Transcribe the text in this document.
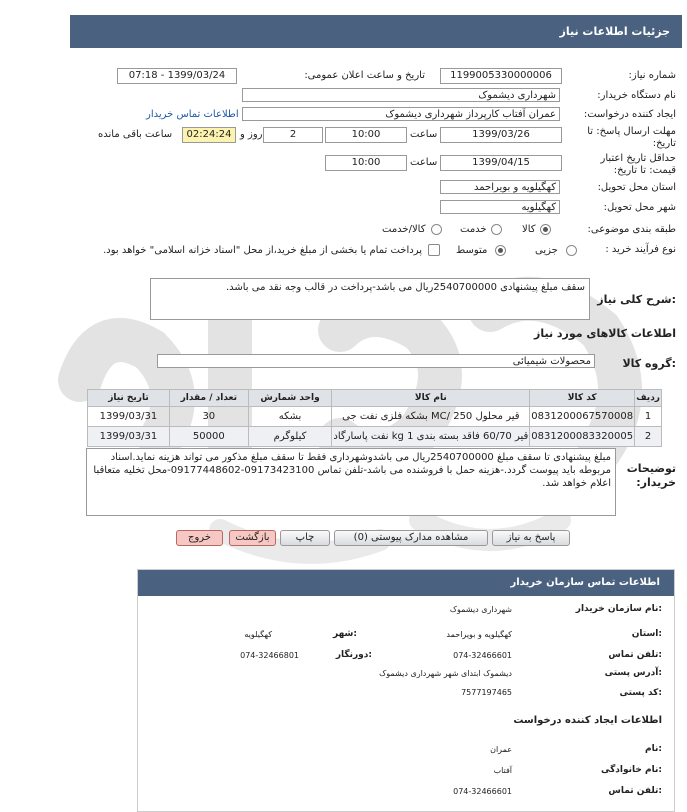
جزئیات اطلاعات نیاز
شماره نیاز:
1199005330000006
تاریخ و ساعت اعلان عمومی:
1399/03/24 - 07:18
نام دستگاه خریدار:
شهرداری دیشموک
ایجاد کننده درخواست:
عمران آفتاب کارپرداز شهرداری دیشموک
اطلاعات تماس خریدار
مهلت ارسال پاسخ: تا تاریخ:
1399/03/26
ساعت
10:00
2
روز و
02:24:24
ساعت باقی مانده
حداقل تاریخ اعتبار قیمت: تا تاریخ:
1399/04/15
ساعت
10:00
استان محل تحویل:
کهگیلویه و بویراحمد
شهر محل تحویل:
کهگیلویه
طبقه بندی موضوعی:
کالا
خدمت
کالا/خدمت
نوع فرآیند خرید :
جزیی
متوسط
پرداخت تمام یا بخشی از مبلغ خرید،از محل "اسناد خزانه اسلامی" خواهد بود.
شرح کلی نیاز:
سقف مبلغ پیشنهادی 2540700000ریال می باشد-پرداخت در قالب وجه نقد می باشد.
اطلاعات کالاهای مورد نیاز
گروه کالا:
محصولات شیمیائی
ردیف	کد کالا	نام کالا	واحد شمارش	تعداد / مقدار	تاریخ نیاز
1	0831200067570008	قیر محلول MC/ 250 بشکه فلزی نفت جی	بشکه	30	1399/03/31
2	0831200083320005	قیر 60/70 فاقد بسته بندی 1 kg نفت پاسارگاد	کیلوگرم	50000	1399/03/31
توضیحات خریدار:
مبلغ پیشنهادی تا سقف مبلغ 2540700000ریال می باشدوشهرداری فقط تا سقف مبلغ مذکور می تواند هزینه نماید.اسناد مربوطه باید پیوست گردد.-هزینه حمل با فروشنده می باشد-تلفن تماس 09173423100-09177448602-محل تخلیه متعاقبا اعلام خواهد شد.
پاسخ به نیاز
مشاهده مدارک پیوستی (0)
چاپ
بازگشت
خروج
اطلاعات تماس سازمان خریدار
نام سازمان خریدار:
شهرداری دیشموک
استان:
کهگیلویه و بویراحمد
شهر:
کهگیلویه
تلفن تماس:
074-32466601
دورنگار:
074-32466801
آدرس پستی:
دیشموک ابتدای شهر شهرداری دیشموک
کد پستی:
7577197465
اطلاعات ایجاد کننده درخواست
نام:
عمران
نام خانوادگی:
آفتاب
تلفن تماس:
074-32466601
